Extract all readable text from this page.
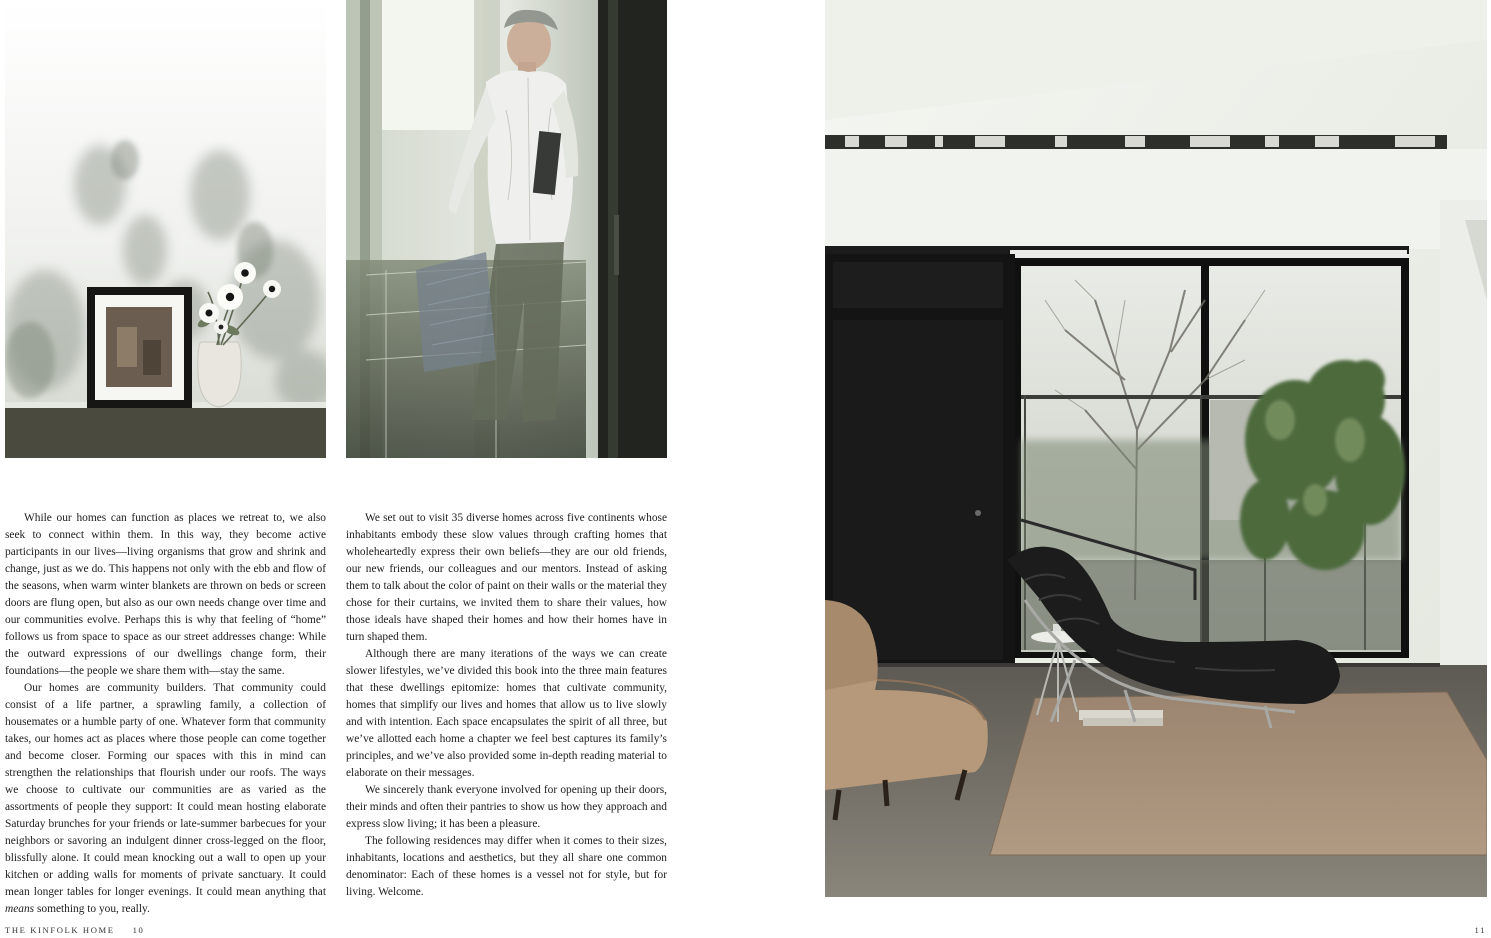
While our homes can function as places we retreat to, we also seek to connect within them. In this way, they become active participants in our lives—living organisms that grow and shrink and change, just as we do. This happens not only with the ebb and flow of the seasons, when warm winter blankets are thrown on beds or screen doors are flung open, but also as our own needs change over time and our communities evolve. Perhaps this is why that feeling of “home” follows us from space to space as our street addresses change: While the outward expressions of our dwellings change form, their foundations—the people we share them with—stay the same.

Our homes are community builders. That community could consist of a life partner, a sprawling family, a collection of housemates or a humble party of one. Whatever form that community takes, our homes act as places where those people can come together and become closer. Forming our spaces with this in mind can strengthen the relationships that flourish under our roofs. The ways we choose to cultivate our communities are as varied as the assortments of people they support: It could mean hosting elaborate Saturday brunches for your friends or late-summer barbecues for your neighbors or savoring an indulgent dinner cross-legged on the floor, blissfully alone. It could mean knocking out a wall to open up your kitchen or adding walls for moments of private sanctuary. It could mean longer tables for longer evenings. It could mean anything that means something to you, really.

We set out to visit 35 diverse homes across five continents whose inhabitants embody these slow values through crafting homes that wholeheartedly express their own beliefs—they are our old friends, our new friends, our colleagues and our mentors. Instead of asking them to talk about the color of paint on their walls or the material they chose for their curtains, we invited them to share their values, how those ideals have shaped their homes and how their homes have in turn shaped them.

Although there are many iterations of the ways we can create slower lifestyles, we’ve divided this book into the three main features that these dwellings epitomize: homes that cultivate community, homes that simplify our lives and homes that allow us to live slowly and with intention. Each space encapsulates the spirit of all three, but we’ve allotted each home a chapter we feel best captures its family’s principles, and we’ve also provided some in-depth reading material to elaborate on their messages.

We sincerely thank everyone involved for opening up their doors, their minds and often their pantries to show us how they approach and express slow living; it has been a pleasure.

The following residences may differ when it comes to their sizes, inhabitants, locations and aesthetics, but they all share one common denominator: Each of these homes is a vessel not for style, but for living. Welcome.

THE KINFOLK HOME 10	11
